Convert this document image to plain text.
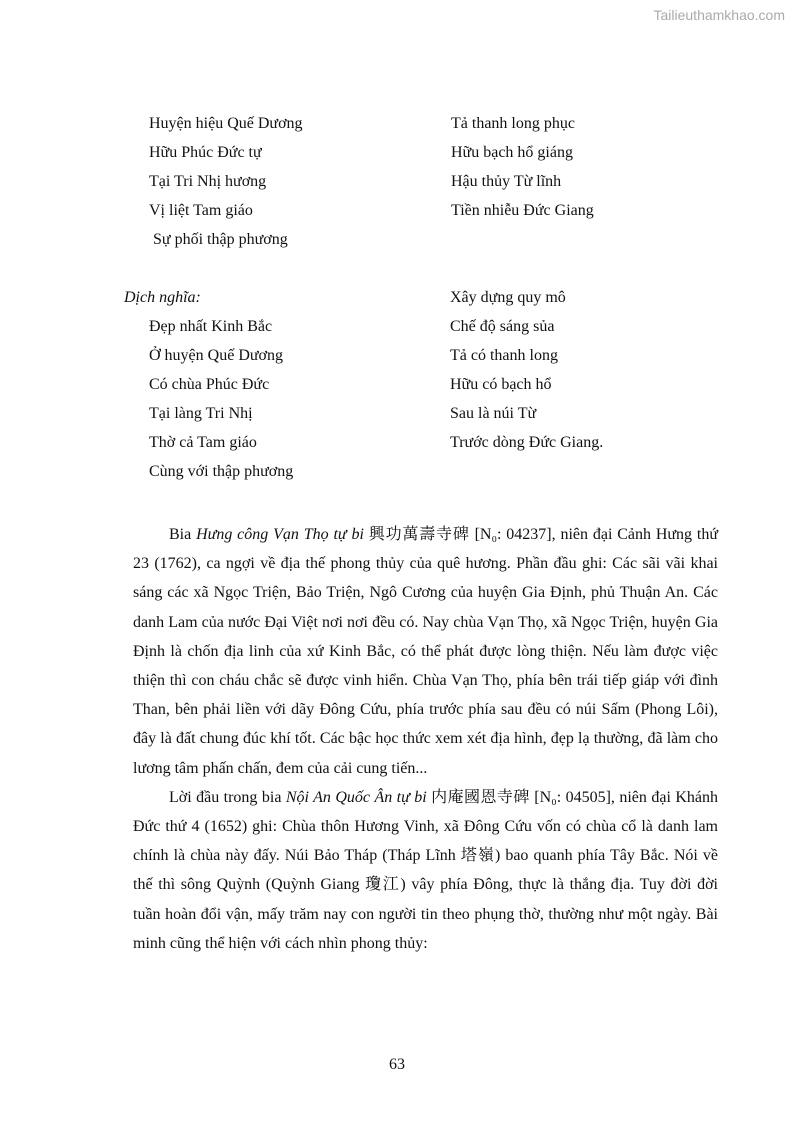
Tailieuthamkhao.com
Huyện hiệu Quế Dương
Hữu Phúc Đức tự
Tại Tri Nhị hương
Vị liệt Tam giáo
Sự phối thập phương
Tả thanh long phục
Hữu bạch hổ giáng
Hậu thủy Từ lĩnh
Tiền nhiễu Đức Giang
Dịch nghĩa:
Đẹp nhất Kinh Bắc
Ở huyện Quế Dương
Có chùa Phúc Đức
Tại làng Tri Nhị
Thờ cả Tam giáo
Cùng với thập phương
Xây dựng quy mô
Chế độ sáng sủa
Tả có thanh long
Hữu có bạch hổ
Sau là núi Từ
Trước dòng Đức Giang.

Bia Hưng công Vạn Thọ tự bi 興功萬壽寺碑 [N₀: 04237], niên đại Cảnh Hưng thứ 23 (1762), ca ngợi về địa thế phong thủy của quê hương. Phần đầu ghi: Các sãi vãi khai sáng các xã Ngọc Triện, Bảo Triện, Ngô Cương của huyện Gia Định, phủ Thuận An. Các danh Lam của nước Đại Việt nơi nơi đều có. Nay chùa Vạn Thọ, xã Ngọc Triện, huyện Gia Định là chốn địa linh của xứ Kinh Bắc, có thể phát được lòng thiện. Nếu làm được việc thiện thì con cháu chắc sẽ được vinh hiển. Chùa Vạn Thọ, phía bên trái tiếp giáp với đình Than, bên phải liền với dãy Đông Cứu, phía trước phía sau đều có núi Sấm (Phong Lôi), đây là đất chung đúc khí tốt. Các bậc học thức xem xét địa hình, đẹp lạ thường, đã làm cho lương tâm phấn chấn, đem của cải cung tiến...

Lời đầu trong bia Nội An Quốc Ân tự bi 内庵國恩寺碑 [N₀: 04505], niên đại Khánh Đức thứ 4 (1652) ghi: Chùa thôn Hương Vinh, xã Đông Cứu vốn có chùa cổ là danh lam chính là chùa này đấy. Núi Bảo Tháp (Tháp Lĩnh 塔嶺) bao quanh phía Tây Bắc. Nói về thế thì sông Quỳnh (Quỳnh Giang 瓊江) vây phía Đông, thực là thắng địa. Tuy đời đời tuần hoàn đổi vận, mấy trăm nay con người tin theo phụng thờ, thường như một ngày. Bài minh cũng thể hiện với cách nhìn phong thủy:

63
